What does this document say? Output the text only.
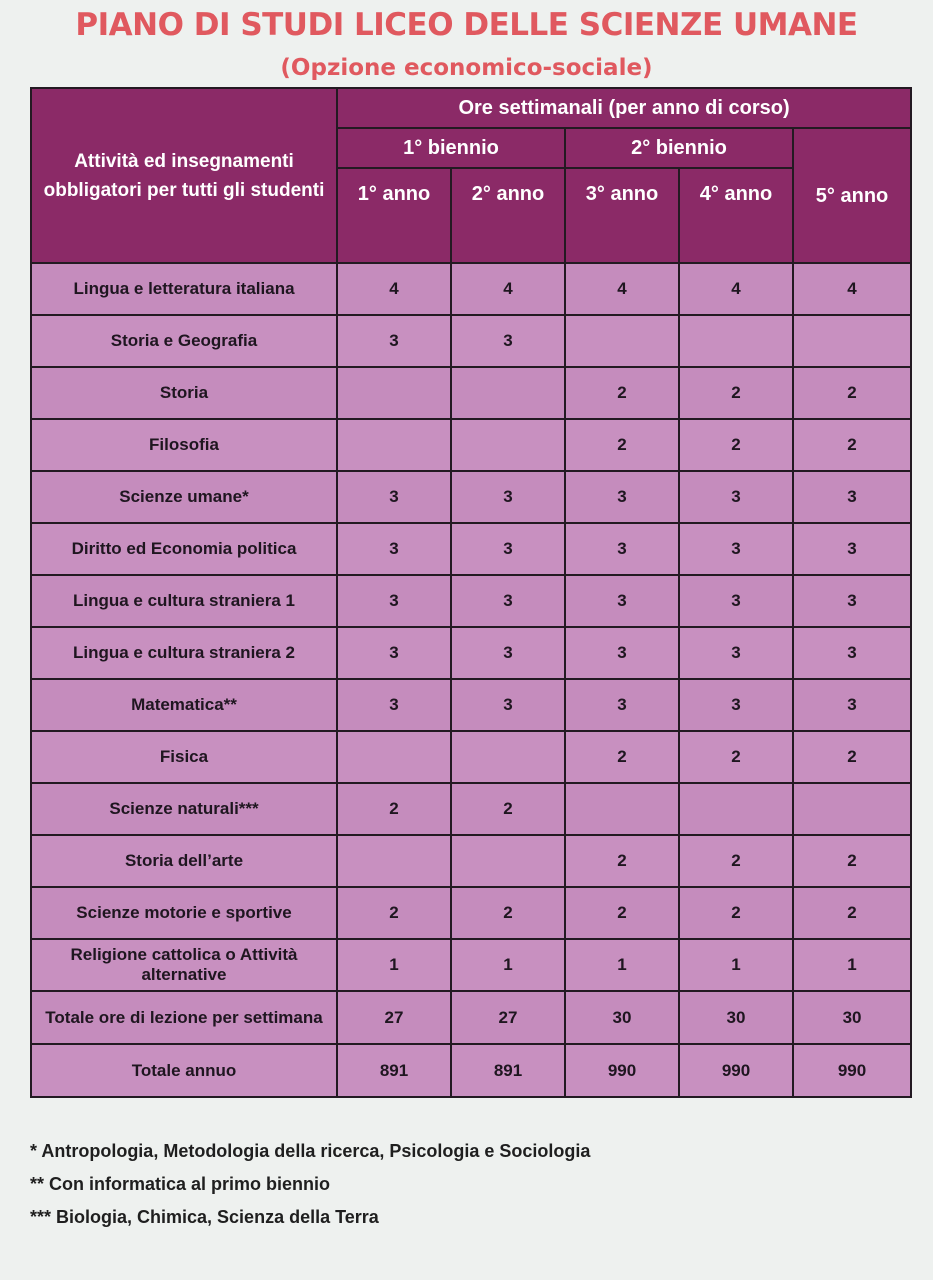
PIANO DI STUDI LICEO DELLE SCIENZE UMANE
(Opzione economico-sociale)
Attività ed insegnamenti obbligatori per tutti gli studenti	Ore settimanali (per anno di corso)				
	1° biennio		2° biennio		5° anno
	1° anno	2° anno	3° anno	4° anno	
Lingua e letteratura italiana	4	4	4	4	4
Storia e Geografia	3	3			
Storia			2	2	2
Filosofia			2	2	2
Scienze umane*	3	3	3	3	3
Diritto ed Economia politica	3	3	3	3	3
Lingua e cultura straniera 1	3	3	3	3	3
Lingua e cultura straniera 2	3	3	3	3	3
Matematica**	3	3	3	3	3
Fisica			2	2	2
Scienze naturali***	2	2			
Storia dell’arte			2	2	2
Scienze motorie e sportive	2	2	2	2	2
Religione cattolica o Attività alternative	1	1	1	1	1
Totale ore di lezione per settimana	27	27	30	30	30
Totale annuo	891	891	990	990	990
* Antropologia, Metodologia della ricerca, Psicologia e Sociologia
** Con informatica al primo biennio
*** Biologia, Chimica, Scienza della Terra
